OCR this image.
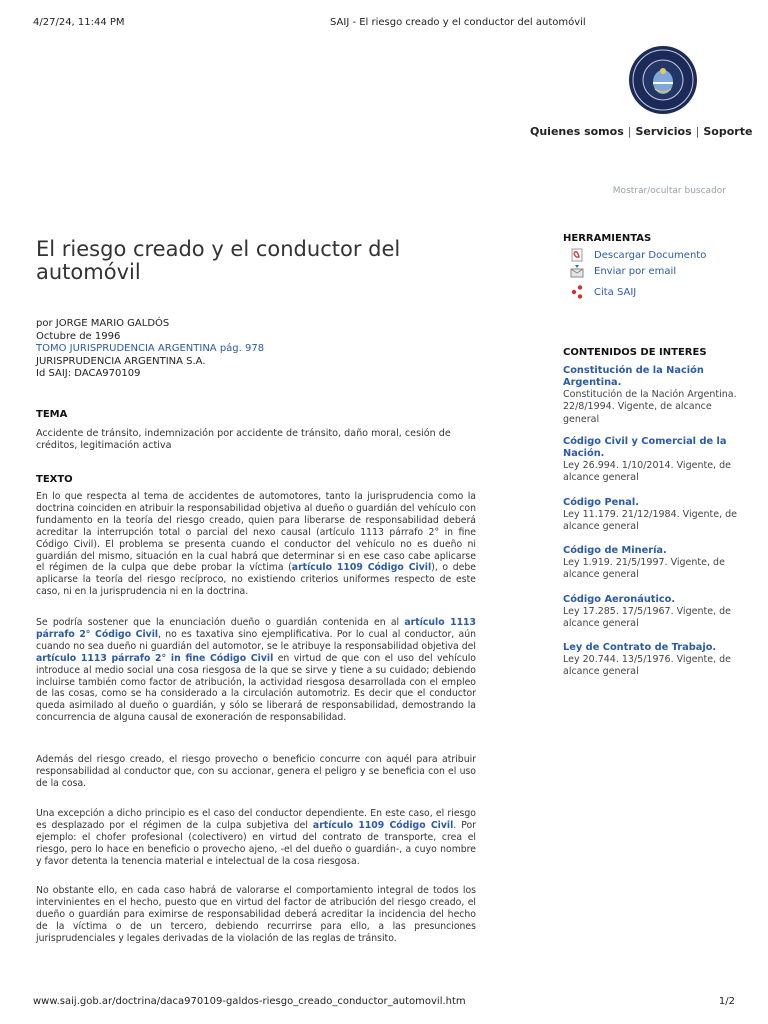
4/27/24, 11:44 PM	SAIJ - El riesgo creado y el conductor del automóvil
Quienes somos | Servicios | Soporte
Mostrar/ocultar buscador
El riesgo creado y el conductor del automóvil
por JORGE MARIO GALDÓS
Octubre de 1996
TOMO JURISPRUDENCIA ARGENTINA pág. 978
JURISPRUDENCIA ARGENTINA S.A.
Id SAIJ: DACA970109
TEMA

Accidente de tránsito, indemnización por accidente de tránsito, daño moral, cesión de créditos, legitimación activa

TEXTO

En lo que respecta al tema de accidentes de automotores, tanto la jurisprudencia como la doctrina coinciden en atribuir la responsabilidad objetiva al dueño o guardián del vehículo con fundamento en la teoría del riesgo creado, quien para liberarse de responsabilidad deberá acreditar la interrupción total o parcial del nexo causal (artículo 1113 párrafo 2° in fine Código Civil). El problema se presenta cuando el conductor del vehículo no es dueño ni guardián del mismo, situación en la cual habrá que determinar si en ese caso cabe aplicarse el régimen de la culpa que debe probar la víctima (artículo 1109 Código Civil), o debe aplicarse la teoría del riesgo recíproco, no existiendo criterios uniformes respecto de este caso, ni en la jurisprudencia ni en la doctrina.

Se podría sostener que la enunciación dueño o guardián contenida en al artículo 1113 párrafo 2° Código Civil, no es taxativa sino ejemplificativa. Por lo cual al conductor, aún cuando no sea dueño ni guardián del automotor, se le atribuye la responsabilidad objetiva del artículo 1113 párrafo 2° in fine Código Civil en virtud de que con el uso del vehículo introduce al medio social una cosa riesgosa de la que se sirve y tiene a su cuidado; debiendo incluirse también como factor de atribución, la actividad riesgosa desarrollada con el empleo de las cosas, como se ha considerado a la circulación automotriz. Es decir que el conductor queda asimilado al dueño o guardián, y sólo se liberará de responsabilidad, demostrando la concurrencia de alguna causal de exoneración de responsabilidad.

Además del riesgo creado, el riesgo provecho o beneficio concurre con aquél para atribuir responsabilidad al conductor que, con su accionar, genera el peligro y se beneficia con el uso de la cosa.

Una excepción a dicho principio es el caso del conductor dependiente. En este caso, el riesgo es desplazado por el régimen de la culpa subjetiva del artículo 1109 Código Civil. Por ejemplo: el chofer profesional (colectivero) en virtud del contrato de transporte, crea el riesgo, pero lo hace en beneficio o provecho ajeno, -el del dueño o guardián-, a cuyo nombre y favor detenta la tenencia material e intelectual de la cosa riesgosa.

No obstante ello, en cada caso habrá de valorarse el comportamiento integral de todos los intervinientes en el hecho, puesto que en virtud del factor de atribución del riesgo creado, el dueño o guardián para eximirse de responsabilidad deberá acreditar la incidencia del hecho de la víctima o de un tercero, debiendo recurrirse para ello, a las presunciones jurisprudenciales y legales derivadas de la violación de las reglas de tránsito.

HERRAMIENTAS
Descargar Documento
Enviar por email
Cita SAIJ
CONTENIDOS DE INTERES
Constitución de la Nación Argentina.
Constitución de la Nación Argentina. 22/8/1994. Vigente, de alcance general
Código Civil y Comercial de la Nación.
Ley 26.994. 1/10/2014. Vigente, de alcance general
Código Penal.
Ley 11.179. 21/12/1984. Vigente, de alcance general
Código de Minería.
Ley 1.919. 21/5/1997. Vigente, de alcance general
Código Aeronáutico.
Ley 17.285. 17/5/1967. Vigente, de alcance general
Ley de Contrato de Trabajo.
Ley 20.744. 13/5/1976. Vigente, de alcance general
www.saij.gob.ar/doctrina/daca970109-galdos-riesgo_creado_conductor_automovil.htm	1/2
